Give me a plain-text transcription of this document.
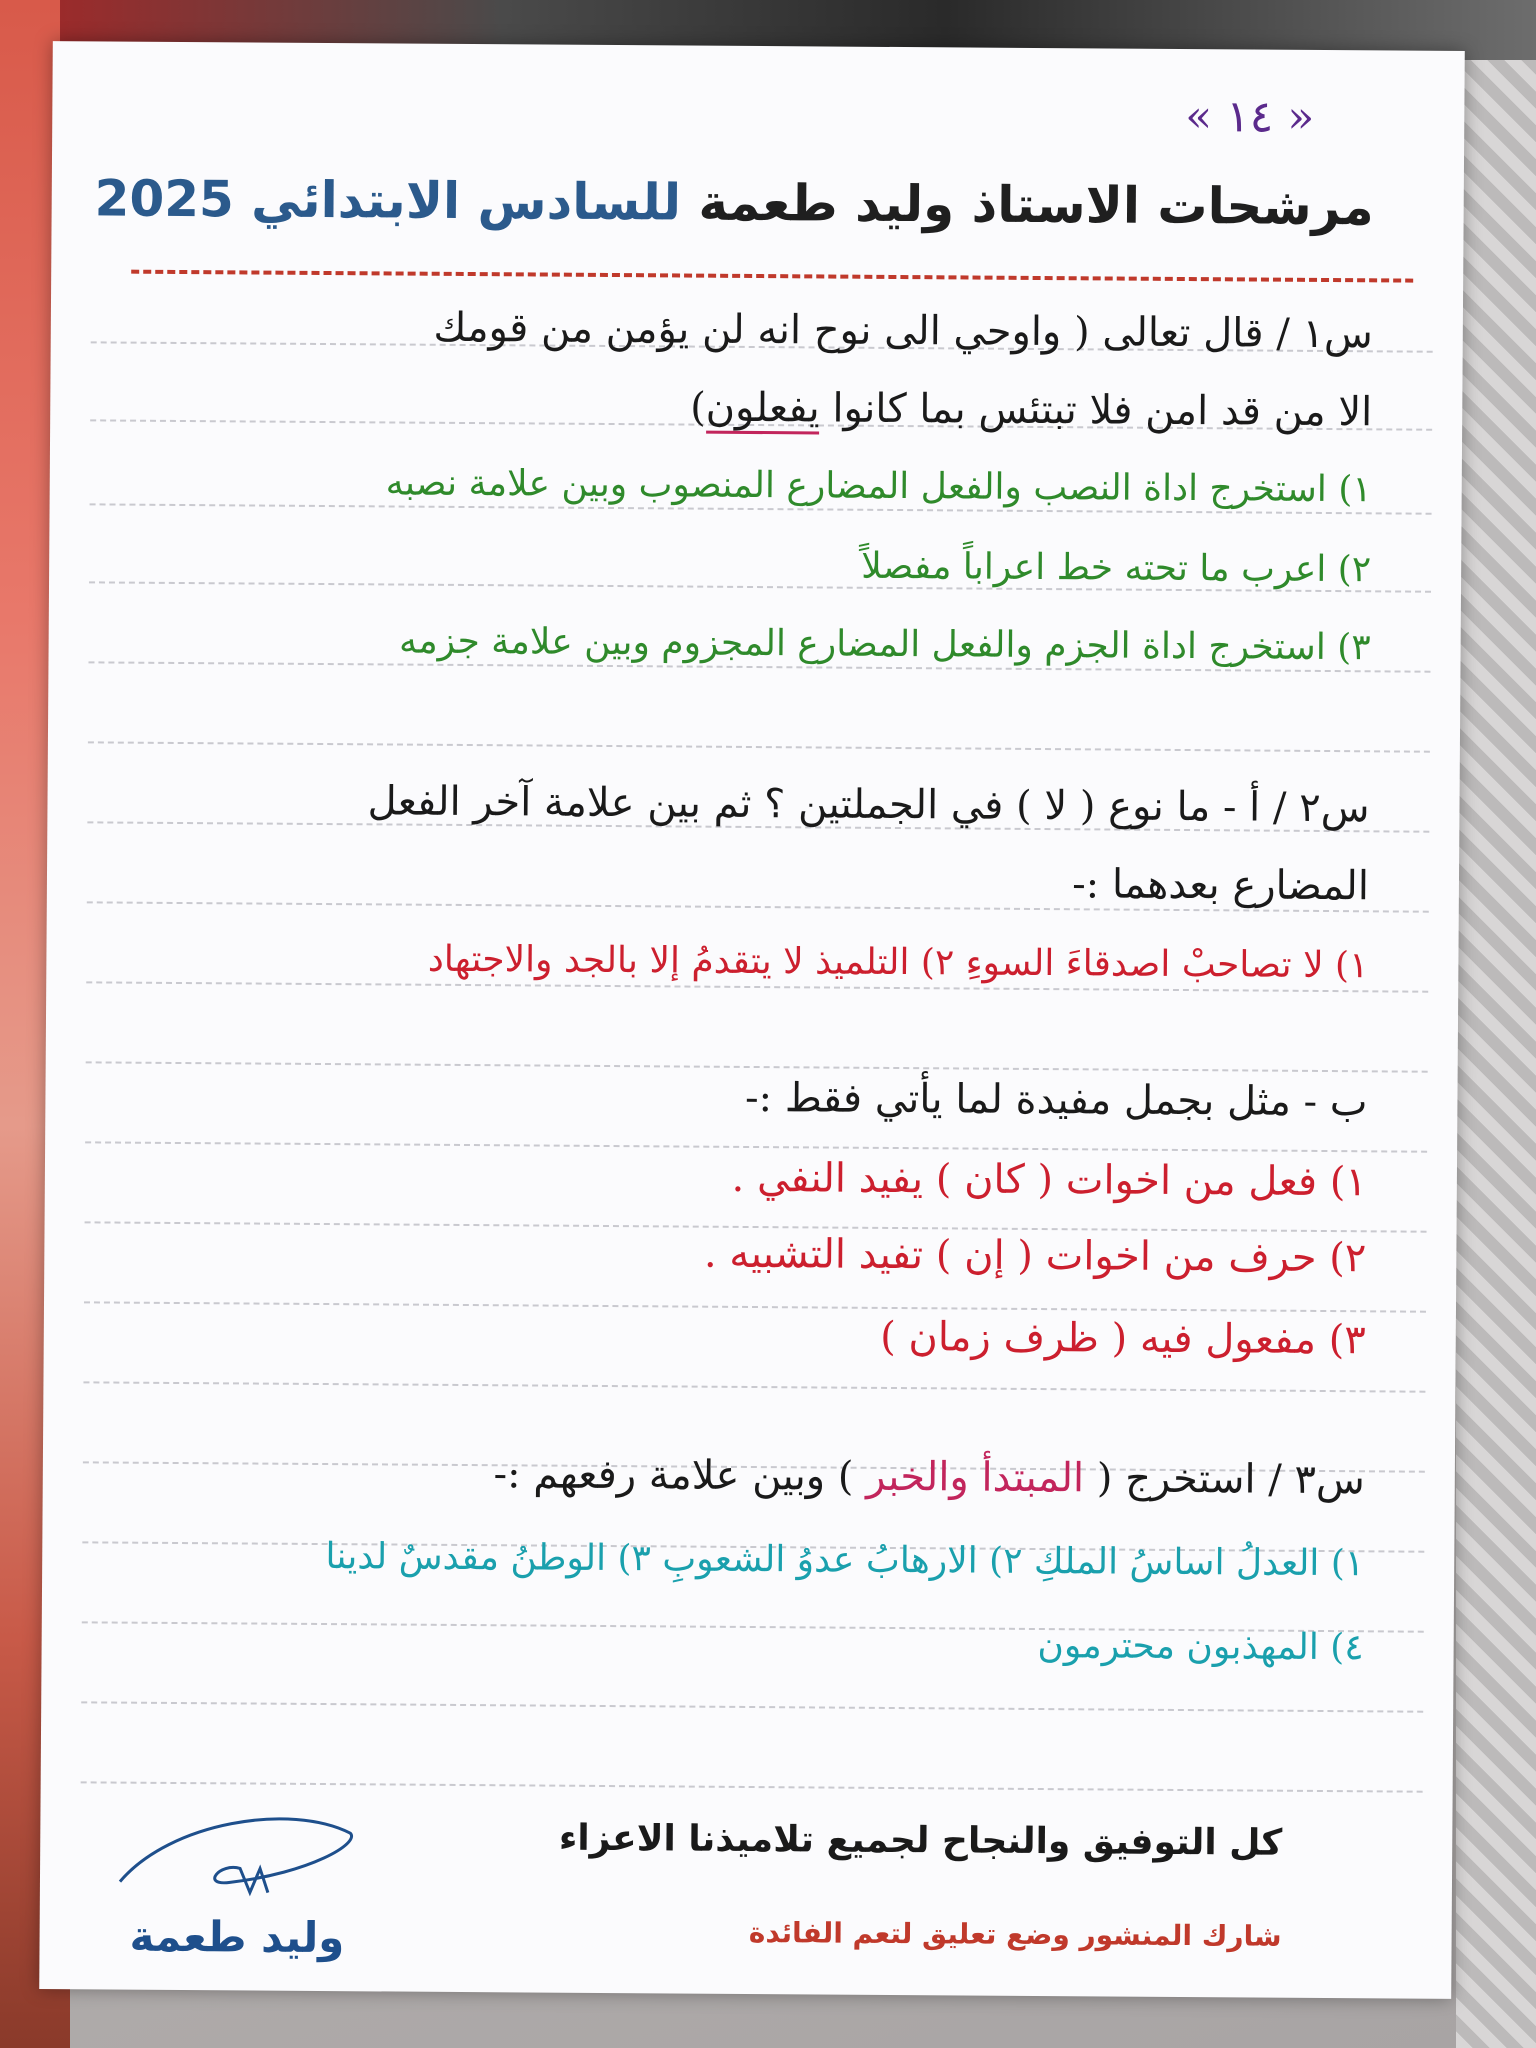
« ١٤ »
مرشحات الاستاذ وليد طعمة للسادس الابتدائي 2025
س١ / قال تعالى ( واوحي الى نوح انه لن يؤمن من قومك
الا من قد امن فلا تبتئس بما كانوا يفعلون)
١) استخرج اداة النصب والفعل المضارع المنصوب وبين علامة نصبه
٢) اعرب ما تحته خط اعراباً مفصلاً
٣) استخرج اداة الجزم والفعل المضارع المجزوم وبين علامة جزمه
س٢ / أ - ما نوع ( لا ) في الجملتين ؟ ثم بين علامة آخر الفعل
المضارع بعدهما :-
١) لا تصاحبْ اصدقاءَ السوءِ ٢) التلميذ لا يتقدمُ إلا بالجد والاجتهاد
ب - مثل بجمل مفيدة لما يأتي فقط :-
١) فعل من اخوات ( كان ) يفيد النفي .
٢) حرف من اخوات ( إن ) تفيد التشبيه .
٣) مفعول فيه ( ظرف زمان )
س٣ / استخرج ( المبتدأ والخبر ) وبين علامة رفعهم :-
١) العدلُ اساسُ الملكِ ٢) الارهابُ عدوُ الشعوبِ ٣) الوطنُ مقدسٌ لدينا
٤) المهذبون محترمون
كل التوفيق والنجاح لجميع تلاميذنا الاعزاء
شارك المنشور وضع تعليق لتعم الفائدة
وليد طعمة
